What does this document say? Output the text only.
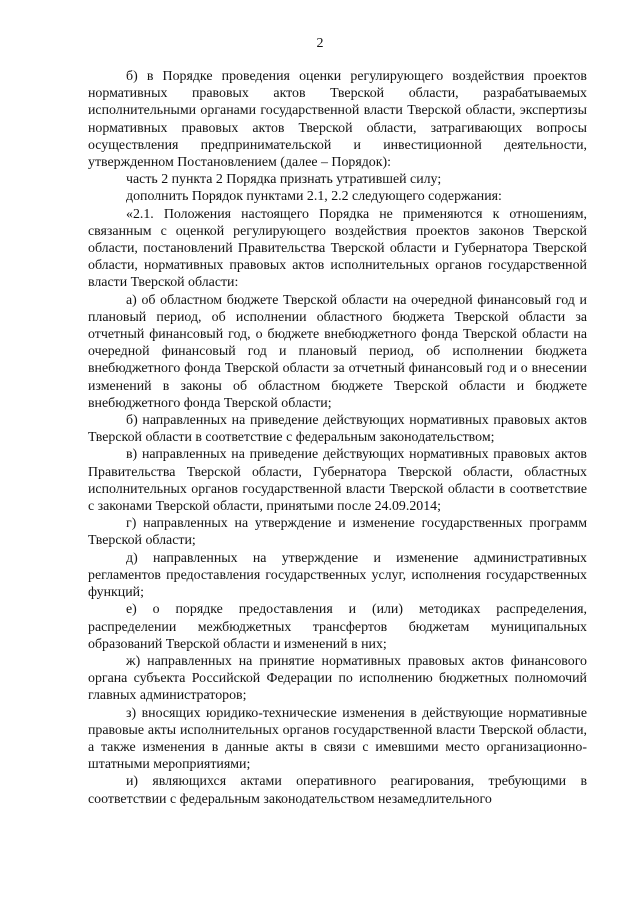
2

б) в Порядке проведения оценки регулирующего воздействия проектов нормативных правовых актов Тверской области, разрабатываемых исполнительными органами государственной власти Тверской области, экспертизы нормативных правовых актов Тверской области, затрагивающих вопросы осуществления предпринимательской и инвестиционной деятельности, утвержденном Постановлением (далее – Порядок):

часть 2 пункта 2 Порядка признать утратившей силу;

дополнить Порядок пунктами 2.1, 2.2 следующего содержания:

«2.1. Положения настоящего Порядка не применяются к отношениям, связанным с оценкой регулирующего воздействия проектов законов Тверской области, постановлений Правительства Тверской области и Губернатора Тверской области, нормативных правовых актов исполнительных органов государственной власти Тверской области:

а) об областном бюджете Тверской области на очередной финансовый год и плановый период, об исполнении областного бюджета Тверской области за отчетный финансовый год, о бюджете внебюджетного фонда Тверской области на очередной финансовый год и плановый период, об исполнении бюджета внебюджетного фонда Тверской области за отчетный финансовый год и о внесении изменений в законы об областном бюджете Тверской области и бюджете внебюджетного фонда Тверской области;

б) направленных на приведение действующих нормативных правовых актов Тверской области в соответствие с федеральным законодательством;

в) направленных на приведение действующих нормативных правовых актов Правительства Тверской области, Губернатора Тверской области, областных исполнительных органов государственной власти Тверской области в соответствие с законами Тверской области, принятыми после 24.09.2014;

г) направленных на утверждение и изменение государственных программ Тверской области;

д) направленных на утверждение и изменение административных регламентов предоставления государственных услуг, исполнения государственных функций;

е) о порядке предоставления и (или) методиках распределения, распределении межбюджетных трансфертов бюджетам муниципальных образований Тверской области и изменений в них;

ж) направленных на принятие нормативных правовых актов финансового органа субъекта Российской Федерации по исполнению бюджетных полномочий главных администраторов;

з) вносящих юридико-технические изменения в действующие нормативные правовые акты исполнительных органов государственной власти Тверской области, а также изменения в данные акты в связи с имевшими место организационно-штатными мероприятиями;

и) являющихся актами оперативного реагирования, требующими в соответствии с федеральным законодательством незамедлительного
